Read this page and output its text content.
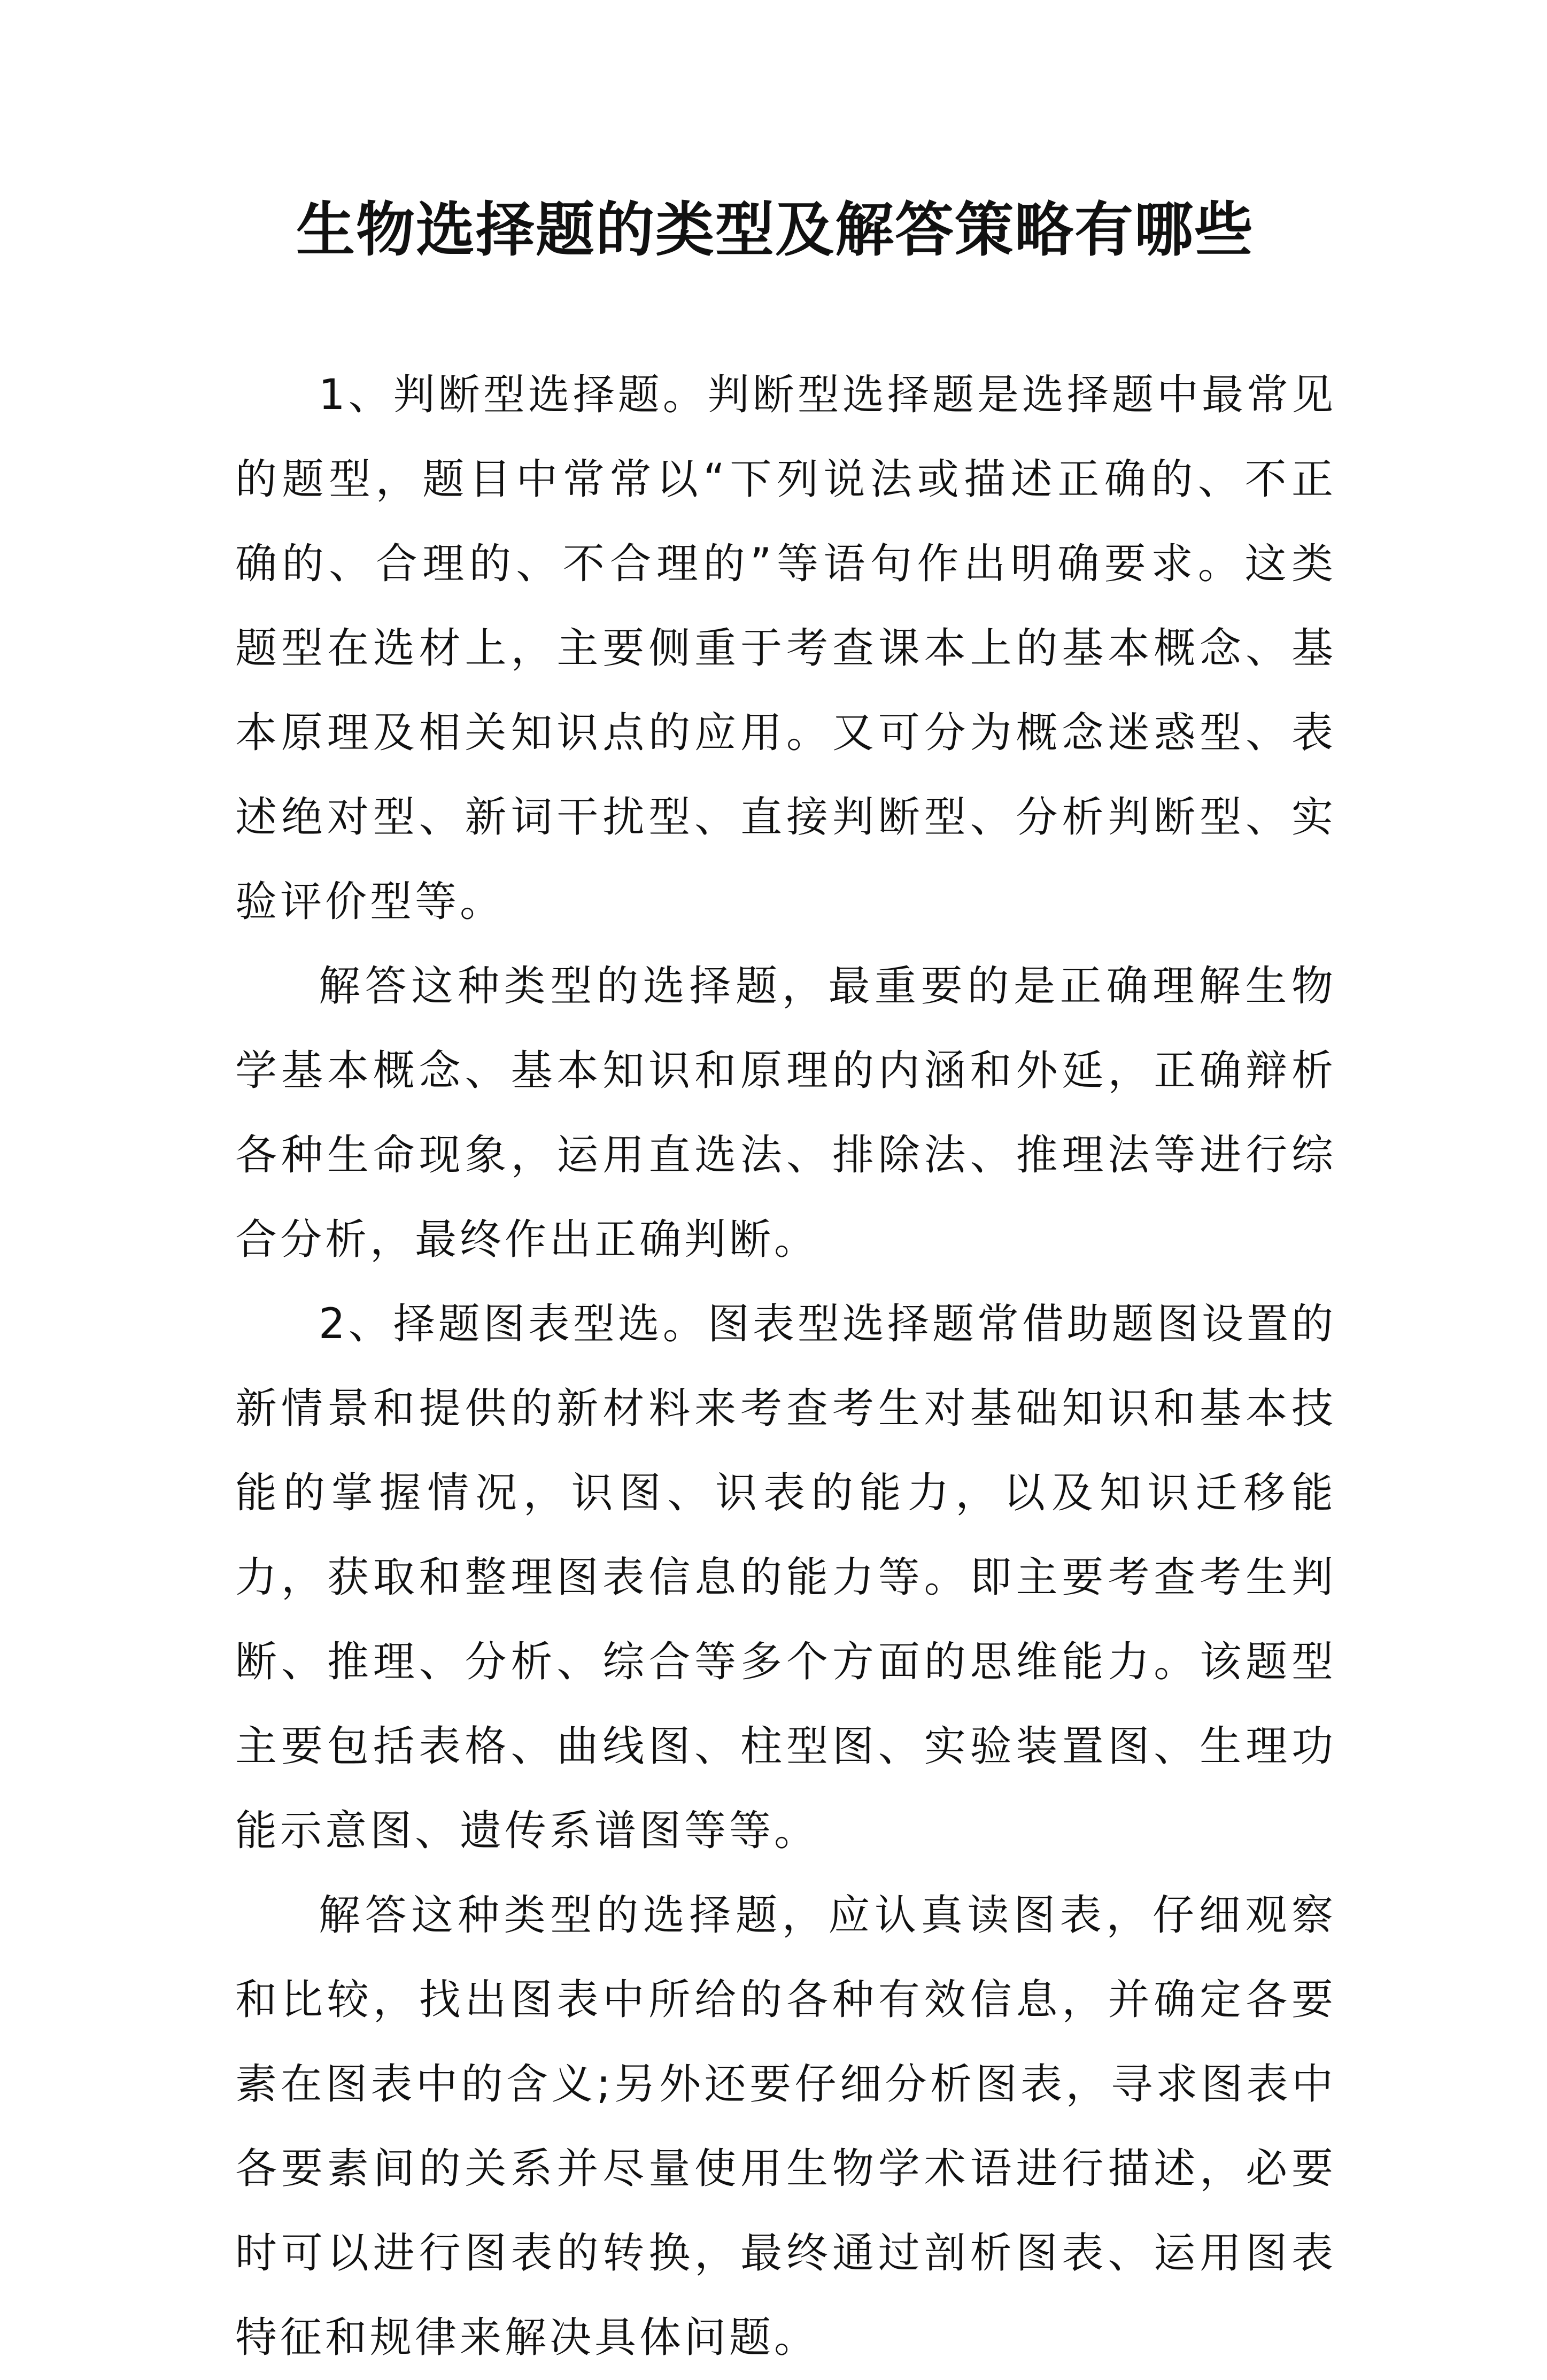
生物选择题的类型及解答策略有哪些

1、判断型选择题。判断型选择题是选择题中最常见的题型，题目中常常以“下列说法或描述正确的、不正确的、合理的、不合理的”等语句作出明确要求。这类题型在选材上，主要侧重于考查课本上的基本概念、基本原理及相关知识点的应用。又可分为概念迷惑型、表述绝对型、新词干扰型、直接判断型、分析判断型、实验评价型等。

解答这种类型的选择题，最重要的是正确理解生物学基本概念、基本知识和原理的内涵和外延，正确辩析各种生命现象，运用直选法、排除法、推理法等进行综合分析，最终作出正确判断。

2、择题图表型选。图表型选择题常借助题图设置的新情景和提供的新材料来考查考生对基础知识和基本技能的掌握情况，识图、识表的能力，以及知识迁移能力，获取和整理图表信息的能力等。即主要考查考生判断、推理、分析、综合等多个方面的思维能力。该题型主要包括表格、曲线图、柱型图、实验装置图、生理功能示意图、遗传系谱图等等。

解答这种类型的选择题，应认真读图表，仔细观察和比较，找出图表中所给的各种有效信息，并确定各要素在图表中的含义;另外还要仔细分析图表，寻求图表中各要素间的关系并尽量使用生物学术语进行描述，必要时可以进行图表的转换，最终通过剖析图表、运用图表特征和规律来解决具体问题。
